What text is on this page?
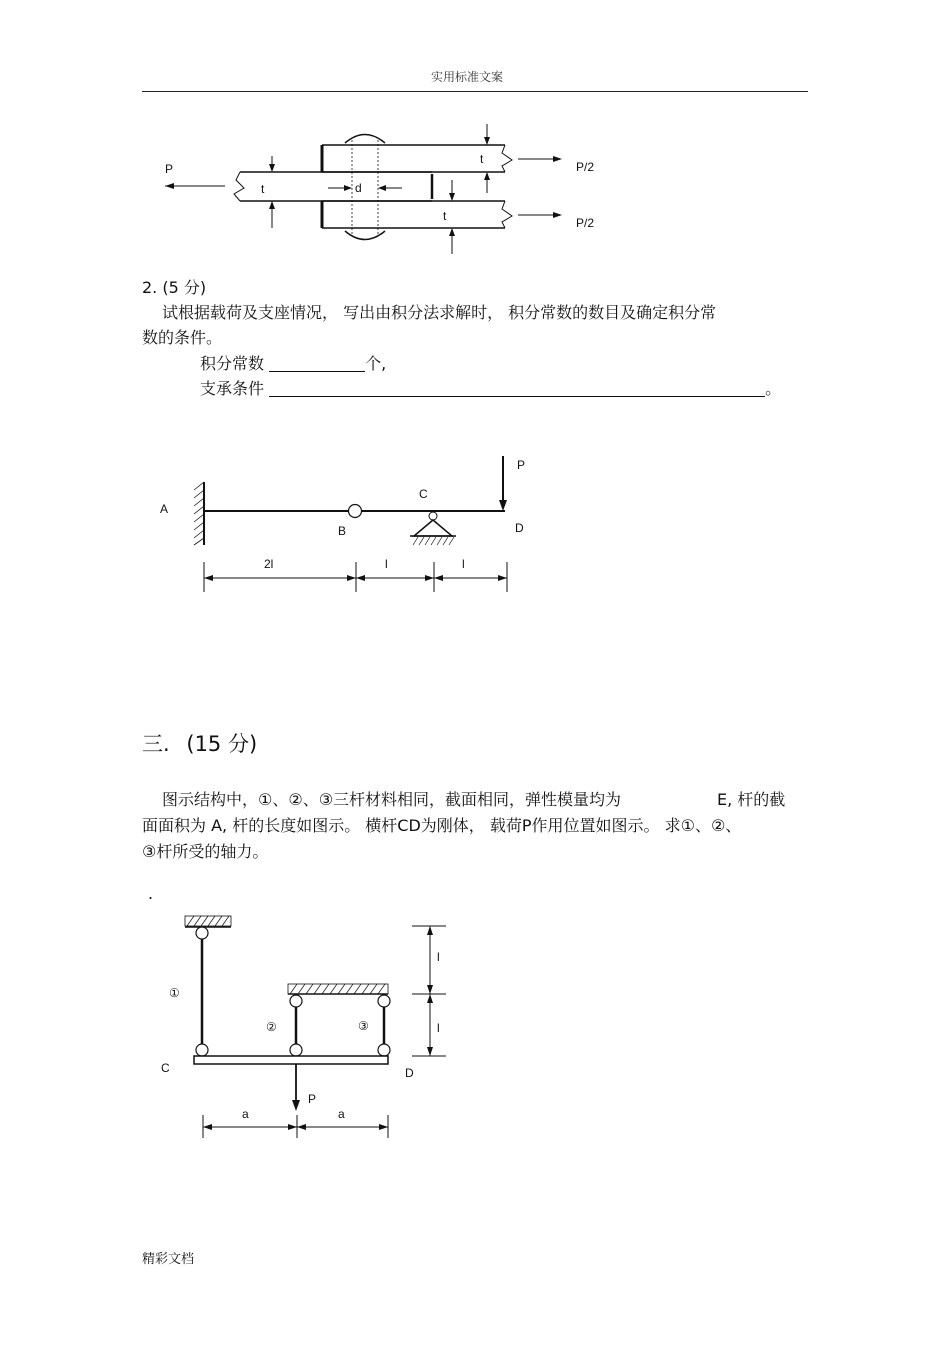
实用标准文案
P	P/2
P/2
t
t
t
d
2. (5 分)
试根据载荷及支座情况， 写出由积分法求解时， 积分常数的数目及确定积分常
数的条件。
积分常数	个,
支承条件	。
A
B
C
D
P
2l	l	l
三. (15 分)
图示结构中，①、②、③三杆材料相同，截面相同，弹性模量均为	E, 杆的截
面面积为 A, 杆的长度如图示。 横杆CD为刚体， 载荷P作用位置如图示。 求①、②、
③杆所受的轴力。
.
①
②	③
C	D
P
a	a
l
l
精彩文档
